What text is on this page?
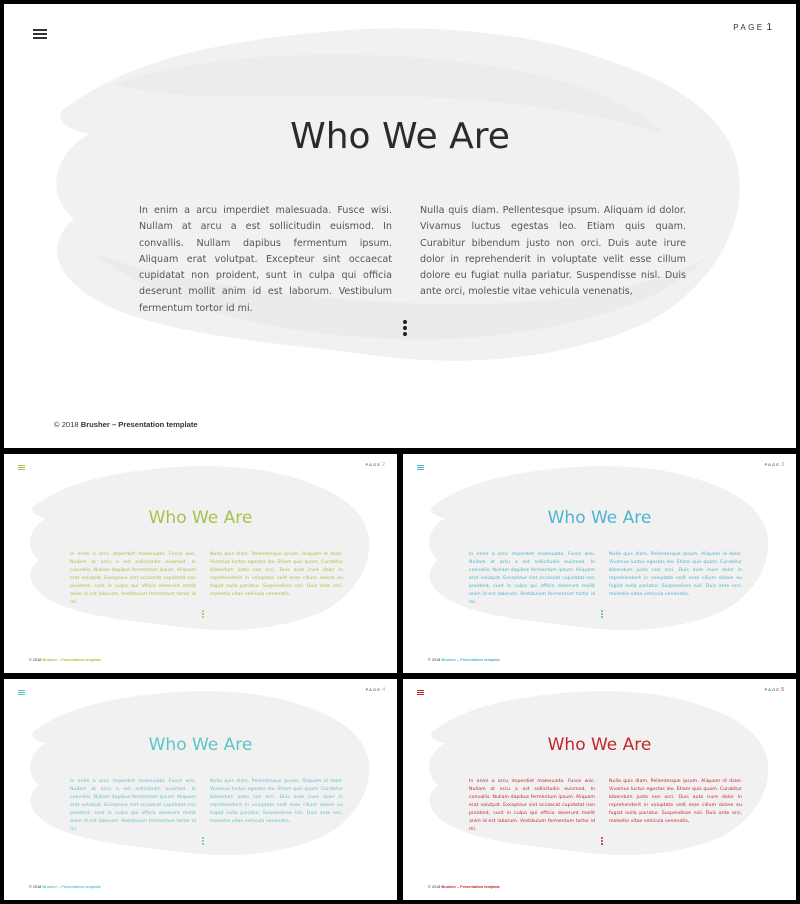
PAGE 1
Who We Are
In enim a arcu imperdiet malesuada. Fusce wisi. Nullam at arcu a est sollicitudin euismod. In convallis. Nullam dapibus fermentum ipsum. Aliquam erat volutpat. Excepteur sint occaecat cupidatat non proident, sunt in culpa qui officia deserunt mollit anim id est laborum. Vestibulum fermentum tortor id mi.
Nulla quis diam. Pellentesque ipsum. Aliquam id dolor. Vivamus luctus egestas leo. Etiam quis quam. Curabitur bibendum justo non orci. Duis aute irure dolor in reprehenderit in voluptate velit esse cillum dolore eu fugiat nulla pariatur. Suspendisse nisl. Duis ante orci, molestie vitae vehicula venenatis,
© 2018 Brusher – Presentation template
PAGE2
Who We Are
In enim a arcu imperdiet malesuada. Fusce wisi. Nullam at arcu a est sollicitudin euismod. In convallis. Nullam dapibus fermentum ipsum. Aliquam erat volutpat. Excepteur sint occaecat cupidatat non proident, sunt in culpa qui officia deserunt mollit anim id est laborum. Vestibulum fermentum tortor id mi.
Nulla quis diam. Pellentesque ipsum. Aliquam id dolor. Vivamus luctus egestas leo. Etiam quis quam. Curabitur bibendum justo non orci. Duis aute irure dolor in reprehenderit in voluptate velit esse cillum dolore eu fugiat nulla pariatur. Suspendisse nisl. Duis ante orci, molestie vitae vehicula venenatis,
© 2018 Brusher – Presentation template
PAGE3
Who We Are
In enim a arcu imperdiet malesuada. Fusce wisi. Nullam at arcu a est sollicitudin euismod. In convallis. Nullam dapibus fermentum ipsum. Aliquam erat volutpat. Excepteur sint occaecat cupidatat non proident, sunt in culpa qui officia deserunt mollit anim id est laborum. Vestibulum fermentum tortor id mi.
Nulla quis diam. Pellentesque ipsum. Aliquam id dolor. Vivamus luctus egestas leo. Etiam quis quam. Curabitur bibendum justo non orci. Duis aute irure dolor in reprehenderit in voluptate velit esse cillum dolore eu fugiat nulla pariatur. Suspendisse nisl. Duis ante orci, molestie vitae vehicula venenatis,
© 2018 Brusher – Presentation template
PAGE4
Who We Are
In enim a arcu imperdiet malesuada. Fusce wisi. Nullam at arcu a est sollicitudin euismod. In convallis. Nullam dapibus fermentum ipsum. Aliquam erat volutpat. Excepteur sint occaecat cupidatat non proident, sunt in culpa qui officia deserunt mollit anim id est laborum. Vestibulum fermentum tortor id mi.
Nulla quis diam. Pellentesque ipsum. Aliquam id dolor. Vivamus luctus egestas leo. Etiam quis quam. Curabitur bibendum justo non orci. Duis aute irure dolor in reprehenderit in voluptate velit esse cillum dolore eu fugiat nulla pariatur. Suspendisse nisl. Duis ante orci, molestie vitae vehicula venenatis,
© 2018 Brusher – Presentation template
PAGE5
Who We Are
In enim a arcu imperdiet malesuada. Fusce wisi. Nullam at arcu a est sollicitudin euismod. In convallis. Nullam dapibus fermentum ipsum. Aliquam erat volutpat. Excepteur sint occaecat cupidatat non proident, sunt in culpa qui officia deserunt mollit anim id est laborum. Vestibulum fermentum tortor id mi.
Nulla quis diam. Pellentesque ipsum. Aliquam id dolor. Vivamus luctus egestas leo. Etiam quis quam. Curabitur bibendum justo non orci. Duis aute irure dolor in reprehenderit in voluptate velit esse cillum dolore eu fugiat nulla pariatur. Suspendisse nisl. Duis ante orci, molestie vitae vehicula venenatis,
© 2018 Brusher – Presentation template
